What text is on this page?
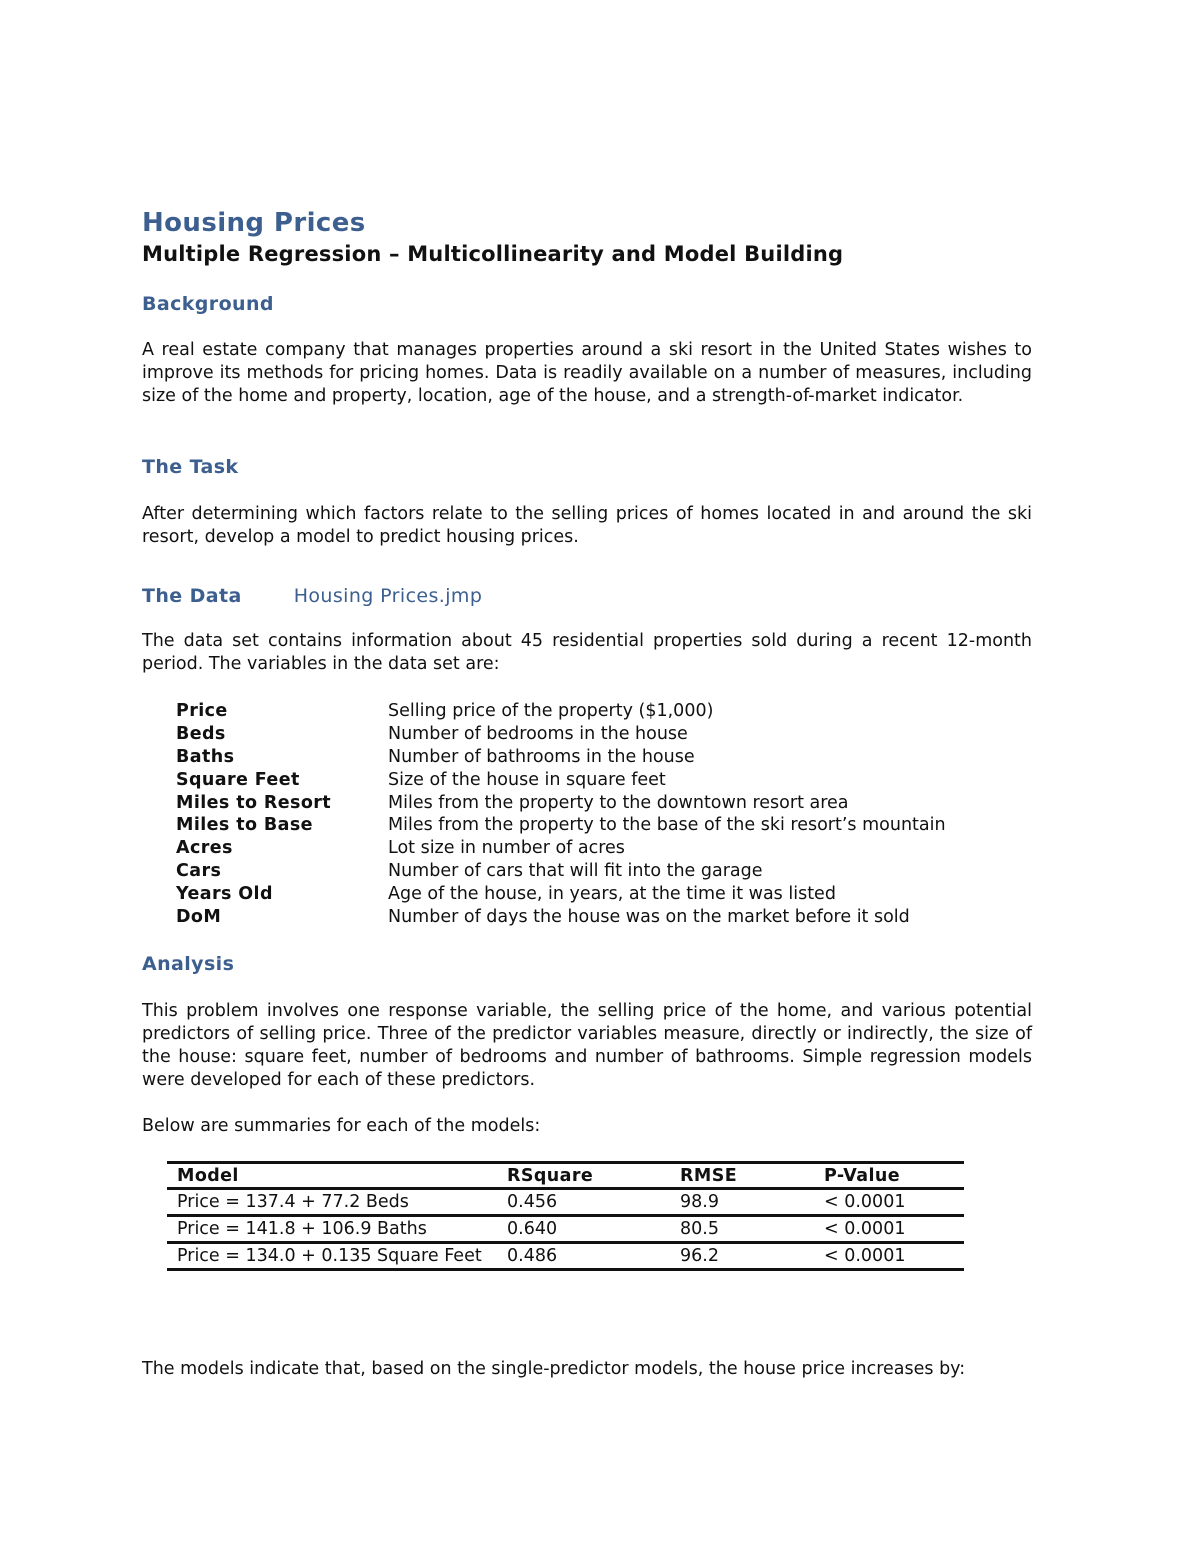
Housing Prices
Multiple Regression – Multicollinearity and Model Building
Background

A real estate company that manages properties around a ski resort in the United States wishes to improve its methods for pricing homes. Data is readily available on a number of measures, including size of the home and property, location, age of the house, and a strength-of-market indicator.

The Task

After determining which factors relate to the selling prices of homes located in and around the ski resort, develop a model to predict housing prices.

The Data	Housing Prices.jmp

The data set contains information about 45 residential properties sold during a recent 12-month period. The variables in the data set are:

Price	Selling price of the property ($1,000)
Beds	Number of bedrooms in the house
Baths	Number of bathrooms in the house
Square Feet	Size of the house in square feet
Miles to Resort	Miles from the property to the downtown resort area
Miles to Base	Miles from the property to the base of the ski resort’s mountain
Acres	Lot size in number of acres
Cars	Number of cars that will fit into the garage
Years Old	Age of the house, in years, at the time it was listed
DoM	Number of days the house was on the market before it sold
Analysis

This problem involves one response variable, the selling price of the home, and various potential predictors of selling price. Three of the predictor variables measure, directly or indirectly, the size of the house: square feet, number of bedrooms and number of bathrooms. Simple regression models were developed for each of these predictors.

Below are summaries for each of the models:

Model	RSquare	RMSE	P-Value
Price = 137.4 + 77.2 Beds	0.456	98.9	< 0.0001
Price = 141.8 + 106.9 Baths	0.640	80.5	< 0.0001
Price = 134.0 + 0.135 Square Feet	0.486	96.2	< 0.0001

The models indicate that, based on the single-predictor models, the house price increases by:
